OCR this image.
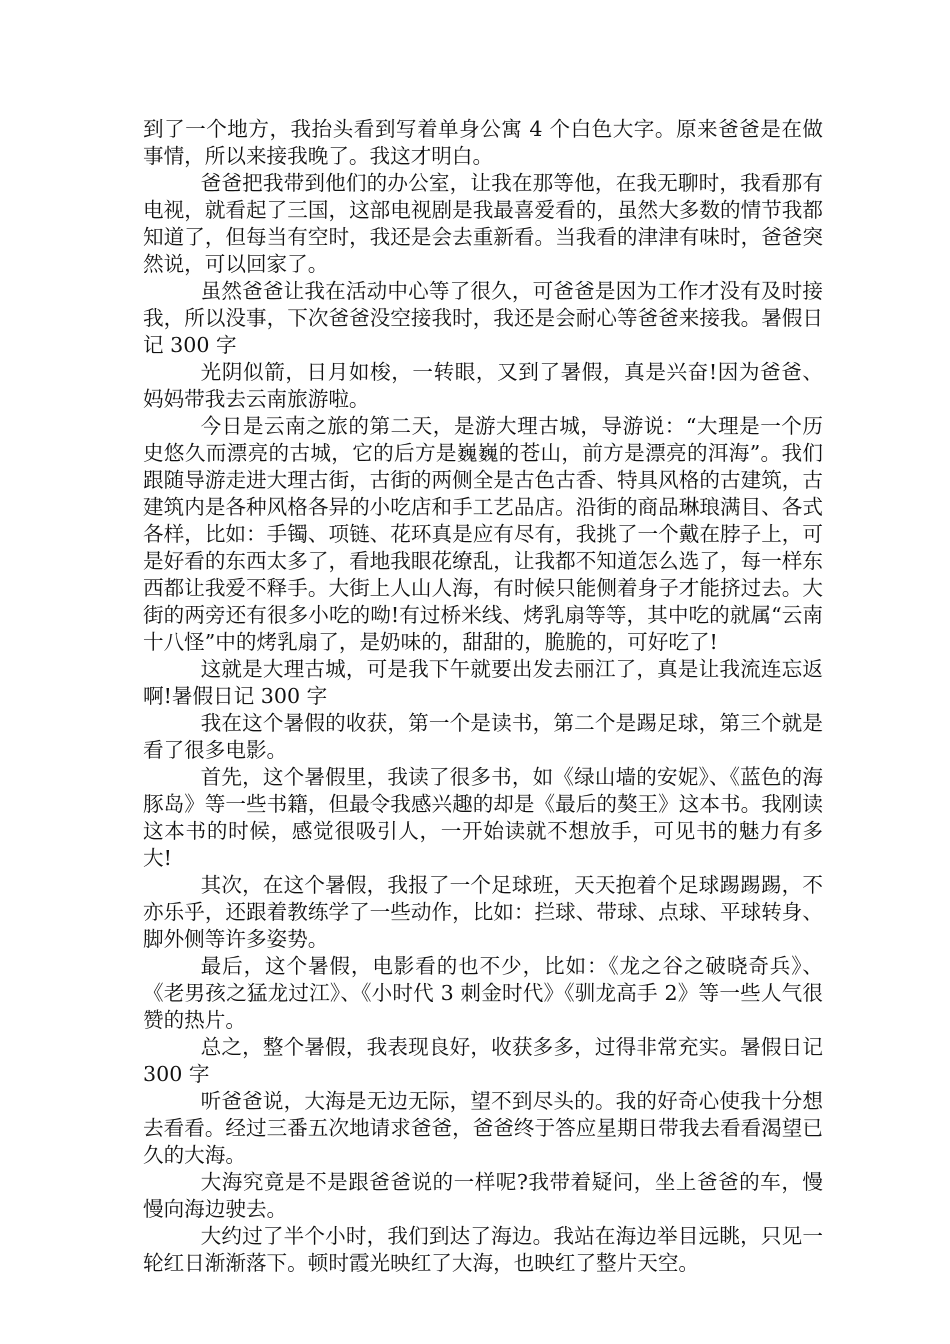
到了一个地方，我抬头看到写着单身公寓 4 个白色大字。原来爸爸是在做事情，所以来接我晚了。我这才明白。

爸爸把我带到他们的办公室，让我在那等他，在我无聊时，我看那有电视，就看起了三国，这部电视剧是我最喜爱看的，虽然大多数的情节我都知道了，但每当有空时，我还是会去重新看。当我看的津津有味时，爸爸突然说，可以回家了。

虽然爸爸让我在活动中心等了很久，可爸爸是因为工作才没有及时接我，所以没事，下次爸爸没空接我时，我还是会耐心等爸爸来接我。暑假日记 300 字

光阴似箭，日月如梭，一转眼，又到了暑假，真是兴奋!因为爸爸、妈妈带我去云南旅游啦。

今日是云南之旅的第二天，是游大理古城，导游说：“大理是一个历史悠久而漂亮的古城，它的后方是巍巍的苍山，前方是漂亮的洱海”。我们跟随导游走进大理古街，古街的两侧全是古色古香、特具风格的古建筑，古建筑内是各种风格各异的小吃店和手工艺品店。沿街的商品琳琅满目、各式各样，比如：手镯、项链、花环真是应有尽有，我挑了一个戴在脖子上，可是好看的东西太多了，看地我眼花缭乱，让我都不知道怎么选了，每一样东西都让我爱不释手。大街上人山人海，有时候只能侧着身子才能挤过去。大街的两旁还有很多小吃的呦!有过桥米线、烤乳扇等等，其中吃的就属“云南十八怪”中的烤乳扇了，是奶味的，甜甜的，脆脆的，可好吃了!

这就是大理古城，可是我下午就要出发去丽江了，真是让我流连忘返啊!暑假日记 300 字

我在这个暑假的收获，第一个是读书，第二个是踢足球，第三个就是看了很多电影。

首先，这个暑假里，我读了很多书，如《绿山墙的安妮》、《蓝色的海豚岛》等一些书籍，但最令我感兴趣的却是《最后的獒王》这本书。我刚读这本书的时候，感觉很吸引人，一开始读就不想放手，可见书的魅力有多大!

其次，在这个暑假，我报了一个足球班，天天抱着个足球踢踢踢，不亦乐乎，还跟着教练学了一些动作，比如：拦球、带球、点球、平球转身、脚外侧等许多姿势。

最后，这个暑假，电影看的也不少，比如：《龙之谷之破晓奇兵》、《老男孩之猛龙过江》、《小时代 3 刺金时代》《驯龙高手 2》等一些人气很赞的热片。

总之，整个暑假，我表现良好，收获多多，过得非常充实。暑假日记 300 字

听爸爸说，大海是无边无际，望不到尽头的。我的好奇心使我十分想去看看。经过三番五次地请求爸爸，爸爸终于答应星期日带我去看看渴望已久的大海。

大海究竟是不是跟爸爸说的一样呢?我带着疑问，坐上爸爸的车，慢慢向海边驶去。

大约过了半个小时，我们到达了海边。我站在海边举目远眺，只见一轮红日渐渐落下。顿时霞光映红了大海，也映红了整片天空。
